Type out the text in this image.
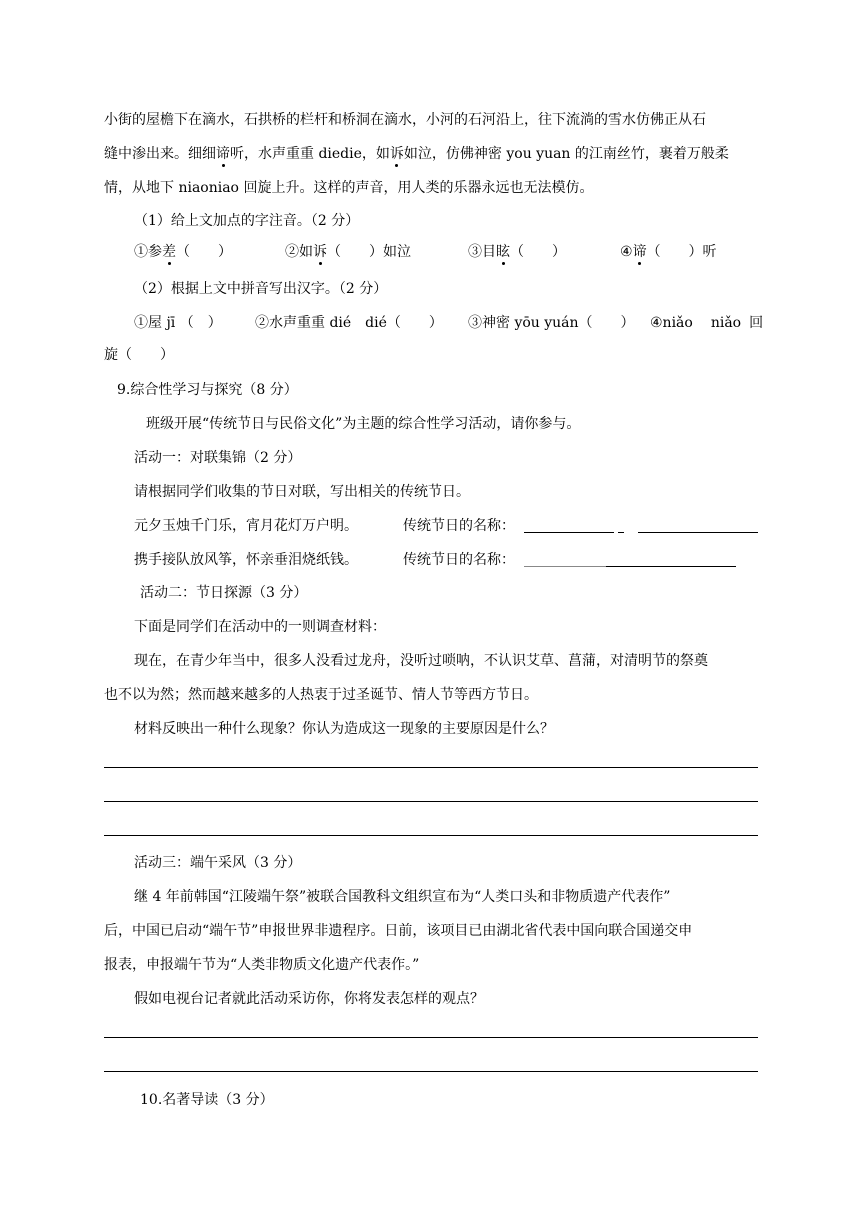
小街的屋檐下在滴水，石拱桥的栏杆和桥洞在滴水，小河的石河沿上，往下流淌的雪水仿佛正从石
缝中渗出来。细细谛听，水声重重 diedie，如诉如泣，仿佛神密 you yuan 的江南丝竹，裹着万般柔
情，从地下 niaoniao 回旋上升。这样的声音，用人类的乐器永远也无法模仿。
（1）给上文加点的字注音。（2 分）
①参差（　　）	②如诉（　　）如泣	③目眩（　　）	④谛（　　）听
（2）根据上文中拼音写出汉字。（2 分）
①屋 jī （　） ②水声重重 dié　dié（　　） ③神密 yōu yuán（　　） ④niǎo niǎo 回
旋（　　）
9.综合性学习与探究（8 分）
班级开展“传统节日与民俗文化”为主题的综合性学习活动，请你参与。
活动一：对联集锦（2 分）
请根据同学们收集的节日对联，写出相关的传统节日。
元夕玉烛千门乐，宵月花灯万户明。	传统节日的名称：
携手接队放风筝，怀亲垂泪烧纸钱。	传统节日的名称：
活动二：节日探源（3 分）
下面是同学们在活动中的一则调查材料：
现在，在青少年当中，很多人没看过龙舟，没听过唢呐，不认识艾草、菖蒲，对清明节的祭奠
也不以为然；然而越来越多的人热衷于过圣诞节、情人节等西方节日。
材料反映出一种什么现象？你认为造成这一现象的主要原因是什么？
活动三：端午采风（3 分）
继 4 年前韩国“江陵端午祭”被联合国教科文组织宣布为“人类口头和非物质遗产代表作”
后，中国已启动“端午节”申报世界非遗程序。日前，该项目已由湖北省代表中国向联合国递交申
报表，申报端午节为“人类非物质文化遗产代表作。”
假如电视台记者就此活动采访你，你将发表怎样的观点？
10.名著导读（3 分）
